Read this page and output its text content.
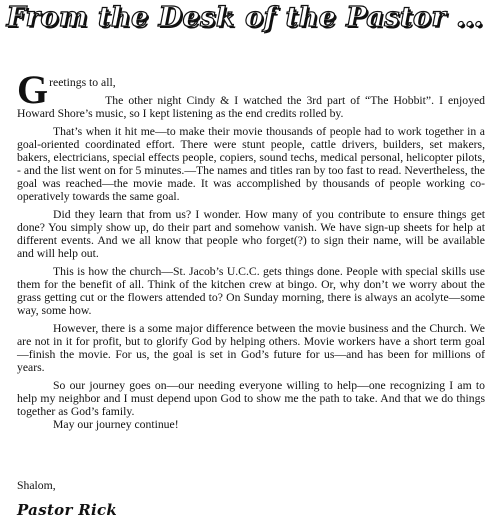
From the Desk of the Pastor …
Greetings to all,

The other night Cindy & I watched the 3rd part of “The Hobbit”. I enjoyed Howard Shore’s music, so I kept listening as the end credits rolled by.

That’s when it hit me—to make their movie thousands of people had to work together in a goal-oriented coordinated effort. There were stunt people, cattle drivers, builders, set makers, bakers, electricians, special effects people, copiers, sound techs, medical personal, helicopter pilots, - and the list went on for 5 minutes.—The names and titles ran by too fast to read. Nevertheless, the goal was reached—the movie made. It was accomplished by thousands of people working co-operatively towards the same goal.

Did they learn that from us? I wonder. How many of you contribute to ensure things get done? You simply show up, do their part and somehow vanish. We have sign-up sheets for help at different events. And we all know that people who forget(?) to sign their name, will be available and will help out.

This is how the church—St. Jacob’s U.C.C. gets things done. People with special skills use them for the benefit of all. Think of the kitchen crew at bingo. Or, why don’t we worry about the grass getting cut or the flowers attended to? On Sunday morning, there is always an acolyte—some way, some how.

However, there is a some major difference between the movie business and the Church. We are not in it for profit, but to glorify God by helping others. Movie workers have a short term goal—finish the movie. For us, the goal is set in God’s future for us—and has been for millions of years.

So our journey goes on—our needing everyone willing to help—one recognizing I am to help my neighbor and I must depend upon God to show me the path to take. And that we do things together as God’s family.

May our journey continue!

Shalom,
Pastor Rick
